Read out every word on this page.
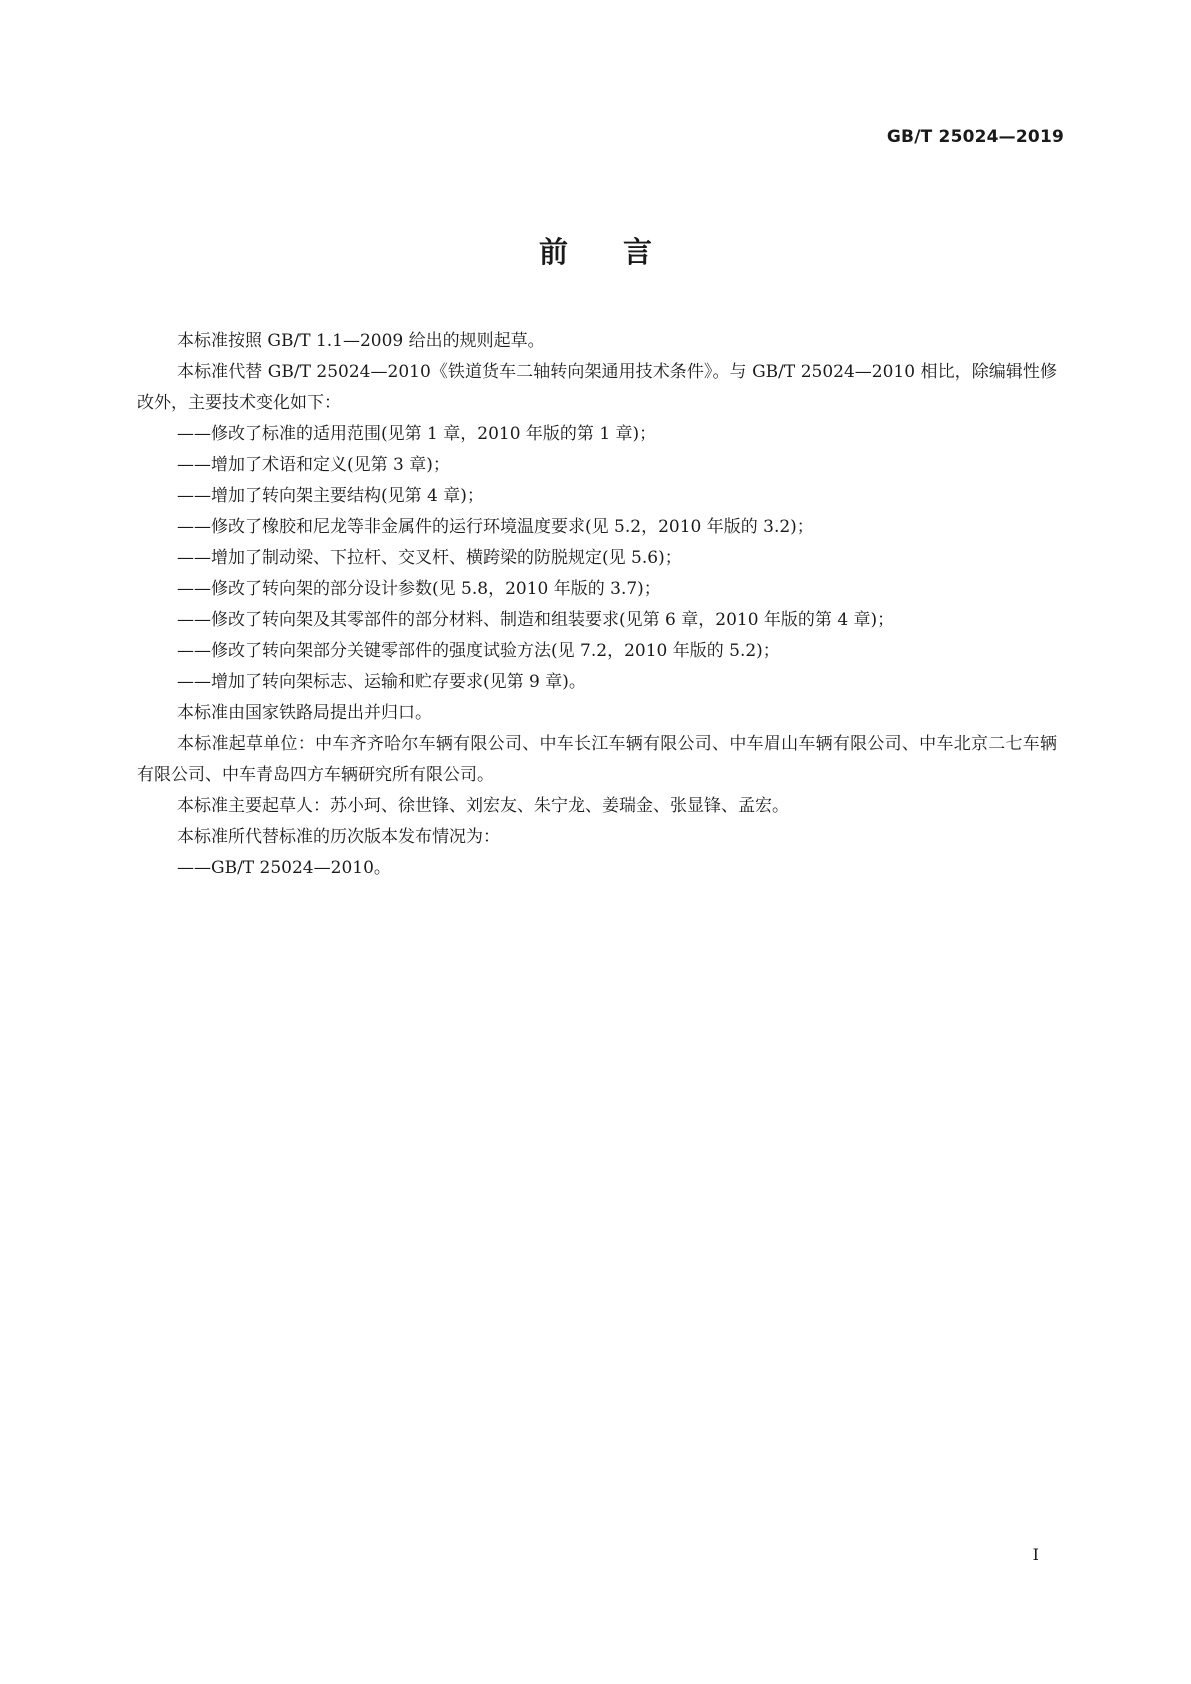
GB/T 25024—2019
前言

本标准按照 GB/T 1.1—2009 给出的规则起草。

本标准代替 GB/T 25024—2010《铁道货车二轴转向架通用技术条件》。与 GB/T 25024—2010 相比，除编辑性修改外，主要技术变化如下：

——修改了标准的适用范围(见第 1 章，2010 年版的第 1 章)；

——增加了术语和定义(见第 3 章)；

——增加了转向架主要结构(见第 4 章)；

——修改了橡胶和尼龙等非金属件的运行环境温度要求(见 5.2，2010 年版的 3.2)；

——增加了制动梁、下拉杆、交叉杆、横跨梁的防脱规定(见 5.6)；

——修改了转向架的部分设计参数(见 5.8，2010 年版的 3.7)；

——修改了转向架及其零部件的部分材料、制造和组装要求(见第 6 章，2010 年版的第 4 章)；

——修改了转向架部分关键零部件的强度试验方法(见 7.2，2010 年版的 5.2)；

——增加了转向架标志、运输和贮存要求(见第 9 章)。

本标准由国家铁路局提出并归口。

本标准起草单位：中车齐齐哈尔车辆有限公司、中车长江车辆有限公司、中车眉山车辆有限公司、中车北京二七车辆有限公司、中车青岛四方车辆研究所有限公司。

本标准主要起草人：苏小珂、徐世锋、刘宏友、朱宁龙、姜瑞金、张显锋、孟宏。

本标准所代替标准的历次版本发布情况为：

——GB/T 25024—2010。

I
